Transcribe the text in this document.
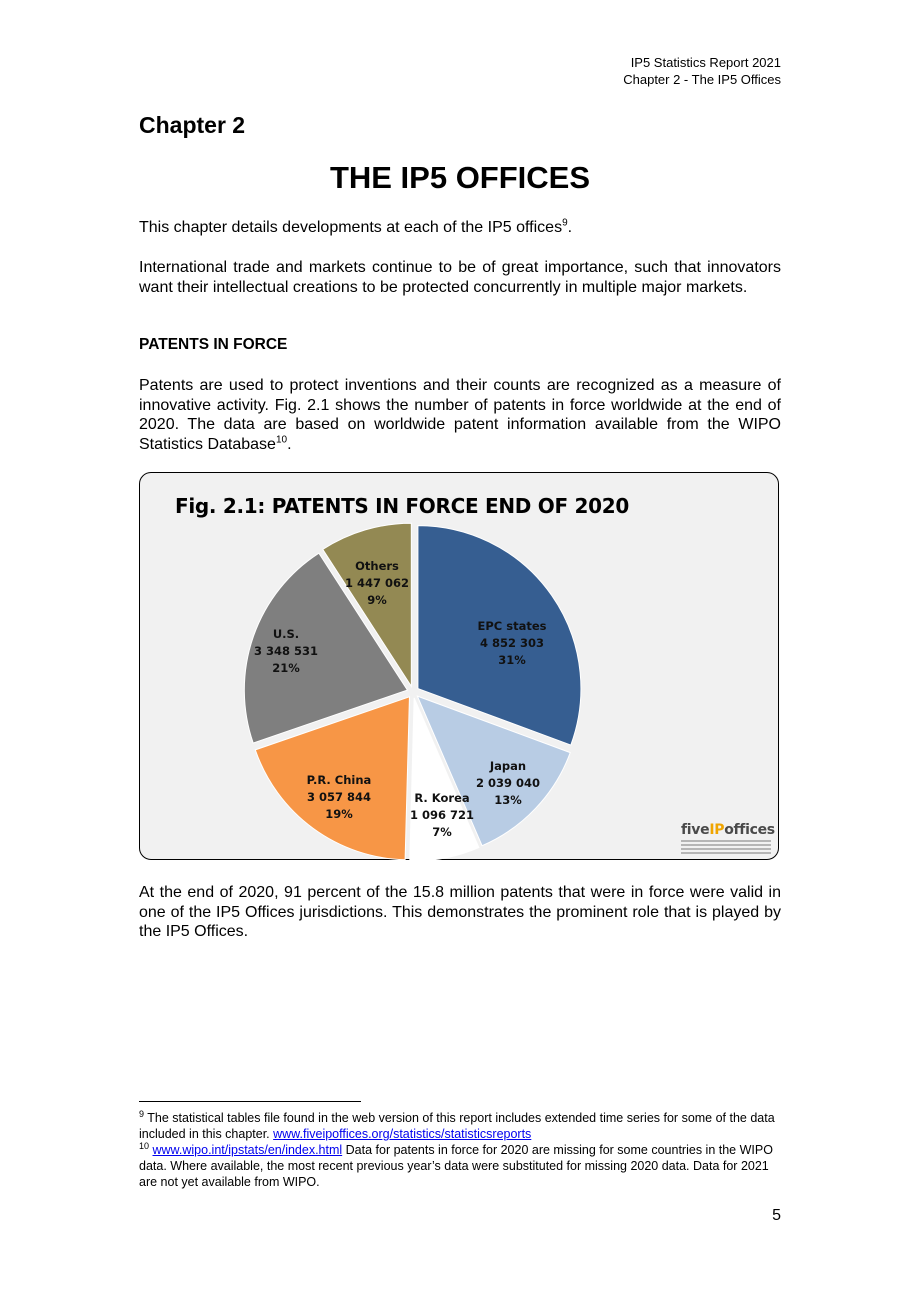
IP5 Statistics Report 2021
Chapter 2 - The IP5 Offices
Chapter 2
THE IP5 OFFICES
This chapter details developments at each of the IP5 offices$^9$.
International trade and markets continue to be of great importance, such that innovators want their intellectual creations to be protected concurrently in multiple major markets.
PATENTS IN FORCE
Patents are used to protect inventions and their counts are recognized as a measure of innovative activity. Fig. 2.1 shows the number of patents in force worldwide at the end of 2020. The data are based on worldwide patent information available from the WIPO Statistics Database$^{10}$.
Fig. 2.1: PATENTS IN FORCE END OF 2020
EPC states 4 852 303 31%
Japan 2 039 040 13%
R. Korea 1 096 721 7%
P.R. China 3 057 844 19%
U.S. 3 348 531 21%
Others 1 447 062 9%
fiveIPoffices
At the end of 2020, 91 percent of the 15.8 million patents that were in force were valid in one of the IP5 Offices jurisdictions. This demonstrates the prominent role that is played by the IP5 Offices.
$^9$ The statistical tables file found in the web version of this report includes extended time series for some of the data included in this chapter. www.fiveipoffices.org/statistics/statisticsreports
$^{10}$ www.wipo.int/ipstats/en/index.html Data for patents in force for 2020 are missing for some countries in the WIPO data. Where available, the most recent previous year’s data were substituted for missing 2020 data. Data for 2021 are not yet available from WIPO.
5
